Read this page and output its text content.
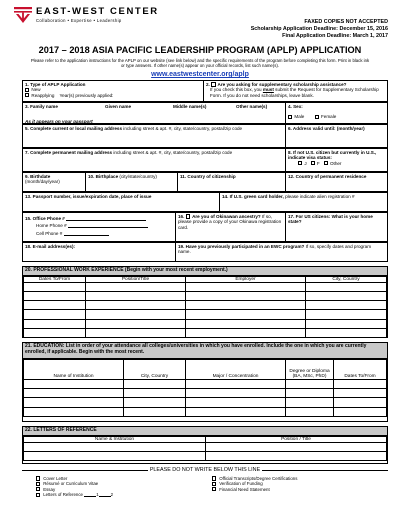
EAST-WEST CENTER
Collaboration • Expertise • Leadership	FAXED COPIES NOT ACCEPTED
Scholarship Application Deadline: December 15, 2016
Final Application Deadline: March 1, 2017
2017 – 2018 ASIA PACIFIC LEADERSHIP PROGRAM (APLP) APPLICATION
Please refer to the application instructions for the APLP on our website (see link below) and the specific requirements of the program before completing this form. Print in black ink or type answers. If other name(s) appear on your official records, list such name(s).
www.eastwestcenter.org/aplp
1. Type of APLP Application
New
Reapplying Year(s) previously applied:
2. Are you asking for supplementary scholarship assistance?
If you check this box, you must submit the Request for Supplementary Scholarship Form. If you do not need scholarships, leave blank.
3. Family name	Given name	Middle name(s)	Other name(s)
As it appears on your passport
4. Sex:
Male	Female
5. Complete current or local mailing address including street & apt. #, city, state/country, postal/zip code	6. Address valid until: (month/year)
7. Complete permanent mailing address including street & apt. #, city, state/country, postal/zip code	8. If not U.S. citizen but currently in U.S., indicate visa status:
J F Other
9. Birthdate
(month/day/year)
10. Birthplace (city/state/country)	11. Country of citizenship	12. Country of permanent residence
13. Passport number, issue/expiration date, place of issue	14. If U.S. green card holder, please indicate alien registration #
15. Office Phone #
Home Phone #
Cell Phone #
16. Are you of Okinawan ancestry? If so, please provide a copy of your Okinawa registration card.
17. For US citizens: What is your home state?
18. E-mail address(es):	19. Have you previously participated in an EWC program? If so, specify dates and program name.
20. PROFESSIONAL WORK EXPERIENCE (Begin with your most recent employment.)
Dates To/From	Position/Title	Employer	City, Country

21. EDUCATION: List in order of your attendance all colleges/universities in which you have enrolled. Include the one in which you are currently enrolled, if applicable. Begin with the most recent.
Name of Institution	City, Country	Major / Concentration	Degree or Diploma (BA, MSc, PhD)	Dates To/From

22. LETTERS OF REFERENCE
Name & Institution	Position / Title

PLEASE DO NOT WRITE BELOW THIS LINE
Cover Letter
Résumé or Curriculum Vitae
Essay
Letters of Reference	1	2
Official Transcripts/Degree Certifications
Verification of Funding
Financial Need Statement
